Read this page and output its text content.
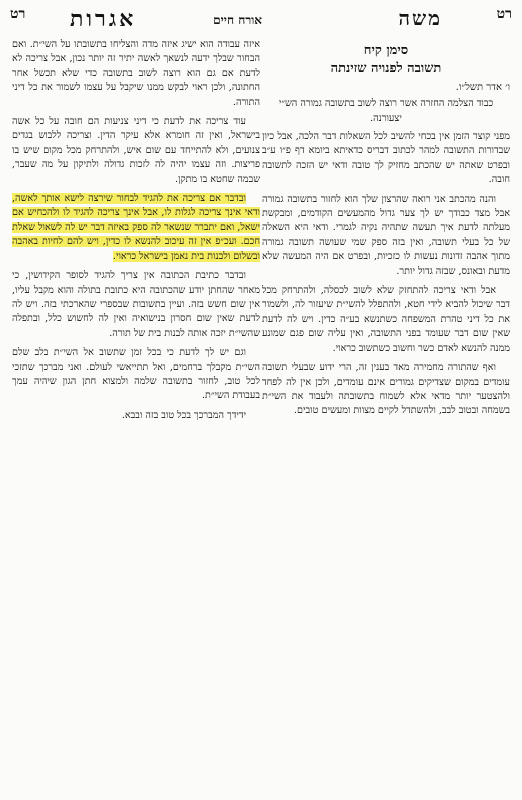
רט
משה
אורח חיים
אגרות
רט
סימן קיח
תשובה לפנויה שזינתה
ו׳ אדר תשל״ו.
כבוד הצלמה החזרה אשר רוצה לשוב בתשובה גמורה הש״י יצעורנה.

מפני קוצר הזמן אין בכחי להשיב לכל השאלות דבר הלכה, אבל כיון שבדורות התשובה למהר לכתוב דבריס כדאיתא ביומא דף פ״ו ע״ב ובפרט שאתה יש שהכתב מחזיק לך טובה ודאי יש הזכה לתשובה חובה.

והנה מהכתב אני רואה שהרצון שלך הוא לחזור בתשובה גמורה אבל מצד כבודך יש לך צער גדול מהמעשים הקודמים, ומבקשת מעלתה לדעת איך תעשה שתהיה נקיה לגמרי. ודאי היא השאלה של כל בעלי תשובה, ואין בזה ספק שמי שעושה תשובה גמורה מתוך אהבה זדונות נעשות לו כזכיות, ובפרט אם היה המעשה שלא מדעת ובאונס, שבזה גדול יותר.

אבל ודאי צריכה להתחזק שלא לשוב לכסלה, ולהתרחק מכל דבר שיכול להביא לידי חטא, ולהתפלל להשי״ת שיעזור לה, ולשמור את כל דיני טהרת המשפחה כשתנשא בע״ה כדין. ויש לה לדעת שאין שום דבר שעומד בפני התשובה, ואין עליה שום פגם שמונע ממנה להנשא לאדם כשר וחשוב כשתשוב כראוי.

ואף שהתורה מחמירה מאד בענין זה, הרי ידוע שבעלי תשובה עומדים במקום שצדיקים גמורים אינם עומדים, ולכן אין לה לפחד ולהצטער יותר מדאי אלא לשמוח בתשובתה ולעבוד את השי״ת בשמחה ובטוב לבב, ולהשתדל לקיים מצוות ומעשים טובים.

איזה עבודה הוא ישיג איזה מדה והצליחו בתשובתו על השי״ת. ואם הבחור שבלך ידעה לנשאך לאשה יתיר זה יותר נכון, אבל צריכה לא לדעת אם גם הוא רוצה לשוב בתשובה כדי שלא תכשל אחר החתונה, ולכן ראוי לבקש ממנו שיקבל על עצמו לשמור את כל דיני התורה.

עוד צריכה את לדעת כי דיני צניעות הם חובה על כל אשה בישראל, ואין זה חומרא אלא עיקר הדין. וצריכה ללבוש בגדים צנועים, ולא להתייחד עם שום איש, ולהתרחק מכל מקום שיש בו פריצות. וזה עצמו יהיה לה לזכות גדולה ולתיקון על מה שעבר, שבמה שחטא בו מתקן.

ובדבר אם צריכה את להגיד לבחור שירצה לישא אותך לאשה, ודאי אינך צריכה לגלות לו, אבל אינך צריכה להגיד לו ולהכחיש אם ישאל, ואם יתברר שנשאר לה ספק באיזה דבר יש לה לשאול שאלת חכם. ועכ״פ אין זה עיכוב להנשא לו כדין, ויש להם לחיות באהבה ובשלום ולבנות בית נאמן בישראל כראוי.

ובדבר כתיבת הכתובה אין צריך להגיד לסופר הקידושין, כי מאחר שהחתן יודע שהכתובה היא כתובת בתולה והוא מקבל עליו, אין שום חשש בזה. ועיין בתשובות שבספרי שהארכתי בזה. ויש לה לדעת שאין שום חסרון בנישואיה ואין לה לחשוש כלל, ובתפלה שהשי״ת יזכה אותה לבנות בית של תורה.

וגם יש לך לדעת כי בכל זמן שתשוב אל השי״ת בלב שלם השי״ת מקבלך ברחמים, ואל תתייאשי לעולם. ואני מברכך שתזכי לכל טוב, לחזור בתשובה שלמה ולמצוא חתן הגון שיהיה עמך בעבודת השי״ת.

ידידך המברכך בכל טוב בזה ובבא.
